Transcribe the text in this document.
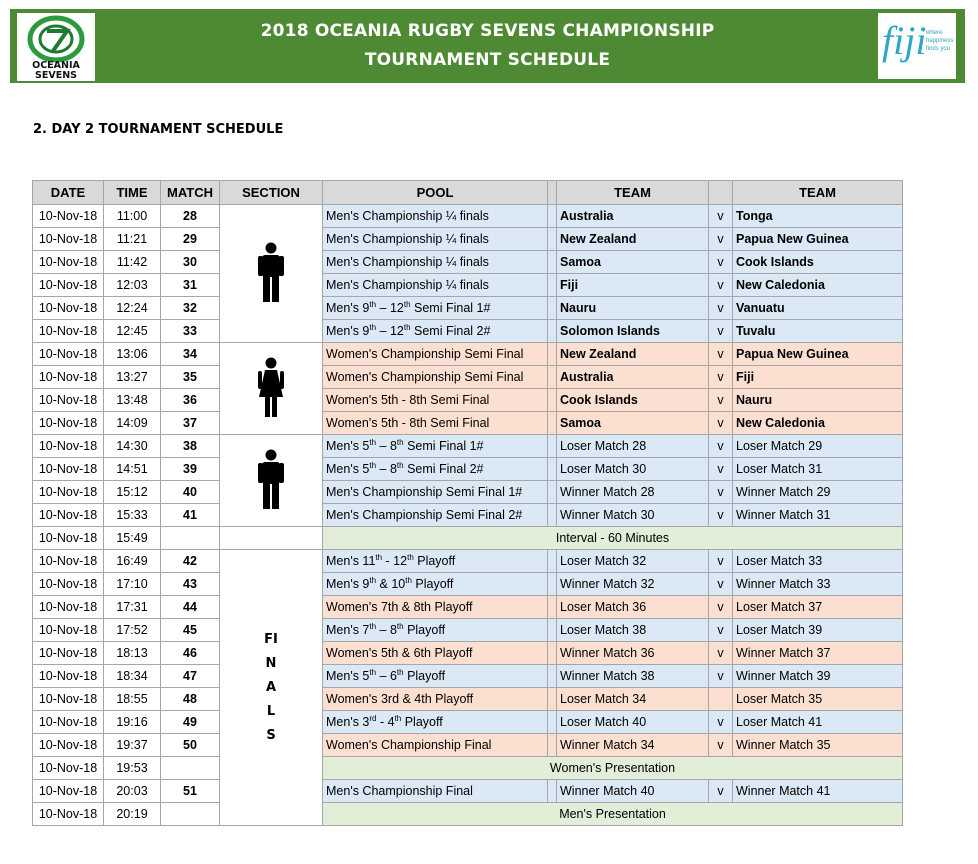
OCEANIA
SEVENS
2018 OCEANIA RUGBY SEVENS CHAMPIONSHIP
TOURNAMENT SCHEDULE	fiji where
happiness
finds you
2. DAY 2 TOURNAMENT SCHEDULE
DATE	TIME	MATCH	SECTION	POOL		TEAM		TEAM
10-Nov-18	11:00	28		Men's Championship ¼ finals		Australia	v	Tonga
10-Nov-18	11:21	29		Men's Championship ¼ finals		New Zealand	v	Papua New Guinea
10-Nov-18	11:42	30		Men's Championship ¼ finals		Samoa	v	Cook Islands
10-Nov-18	12:03	31		Men's Championship ¼ finals		Fiji	v	New Caledonia
10-Nov-18	12:24	32		Men's 9th – 12th Semi Final 1#		Nauru	v	Vanuatu
10-Nov-18	12:45	33		Men's 9th – 12th Semi Final 2#		Solomon Islands	v	Tuvalu
10-Nov-18	13:06	34		Women's Championship Semi Final		New Zealand	v	Papua New Guinea
10-Nov-18	13:27	35		Women's Championship Semi Final		Australia	v	Fiji
10-Nov-18	13:48	36		Women's 5th - 8th Semi Final		Cook Islands	v	Nauru
10-Nov-18	14:09	37		Women's 5th - 8th Semi Final		Samoa	v	New Caledonia
10-Nov-18	14:30	38		Men's 5th – 8th Semi Final 1#		Loser Match 28	v	Loser Match 29
10-Nov-18	14:51	39		Men's 5th – 8th Semi Final 2#		Loser Match 30	v	Loser Match 31
10-Nov-18	15:12	40		Men's Championship Semi Final 1#		Winner Match 28	v	Winner Match 29
10-Nov-18	15:33	41		Men's Championship Semi Final 2#		Winner Match 30	v	Winner Match 31
10-Nov-18	15:49			Interval - 60 Minutes				
10-Nov-18	16:49	42	FINALS	Men's 11th - 12th Playoff		Loser Match 32	v	Loser Match 33
10-Nov-18	17:10	43		Men's 9th & 10th Playoff		Winner Match 32	v	Winner Match 33
10-Nov-18	17:31	44		Women's 7th & 8th Playoff		Loser Match 36	v	Loser Match 37
10-Nov-18	17:52	45		Men's 7th – 8th Playoff		Loser Match 38	v	Loser Match 39
10-Nov-18	18:13	46		Women's 5th & 6th Playoff		Winner Match 36	v	Winner Match 37
10-Nov-18	18:34	47		Men's 5th – 6th Playoff		Winner Match 38	v	Winner Match 39
10-Nov-18	18:55	48		Women's 3rd & 4th Playoff		Loser Match 34		Loser Match 35
10-Nov-18	19:16	49		Men's 3rd - 4th Playoff		Loser Match 40	v	Loser Match 41
10-Nov-18	19:37	50		Women's Championship Final		Winner Match 34	v	Winner Match 35
10-Nov-18	19:53			Women's Presentation				
10-Nov-18	20:03	51		Men's Championship Final		Winner Match 40	v	Winner Match 41
10-Nov-18	20:19			Men's Presentation				
